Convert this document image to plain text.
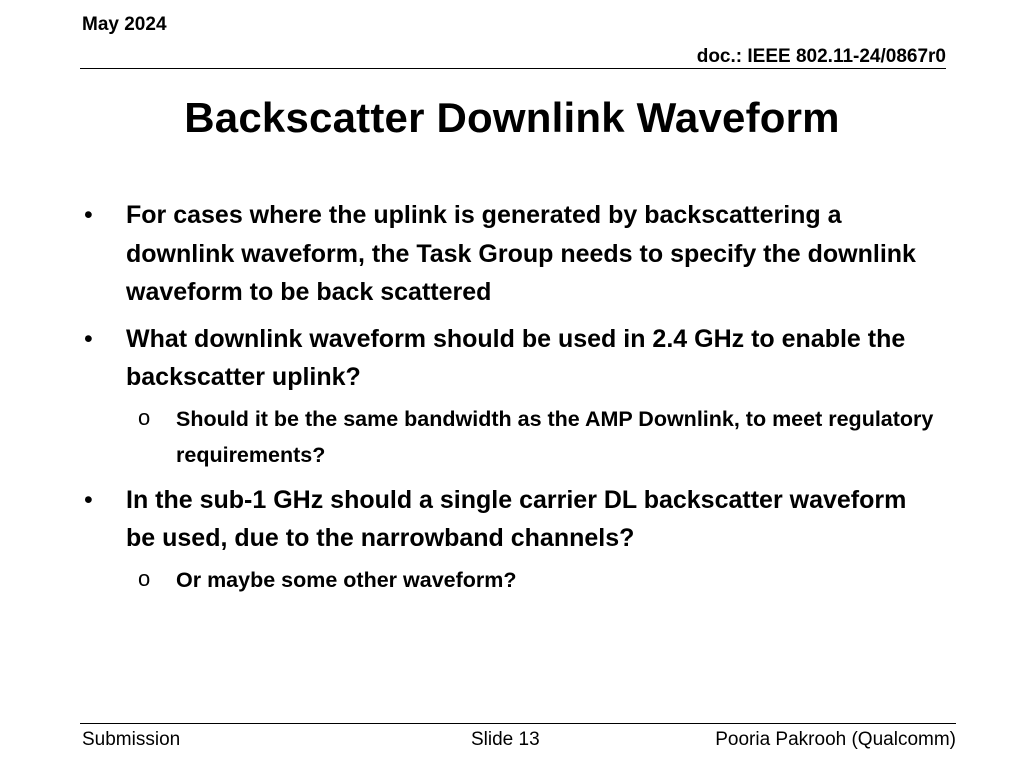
May 2024
doc.: IEEE 802.11-24/0867r0
Backscatter Downlink Waveform
• For cases where the uplink is generated by backscattering a downlink waveform, the Task Group needs to specify the downlink waveform to be back scattered
• What downlink waveform should be used in 2.4 GHz to enable the backscatter uplink?
o Should it be the same bandwidth as the AMP Downlink, to meet regulatory requirements?
• In the sub-1 GHz should a single carrier DL backscatter waveform be used, due to the narrowband channels?
o Or maybe some other waveform?
Submission	Slide 13	Pooria Pakrooh (Qualcomm)
